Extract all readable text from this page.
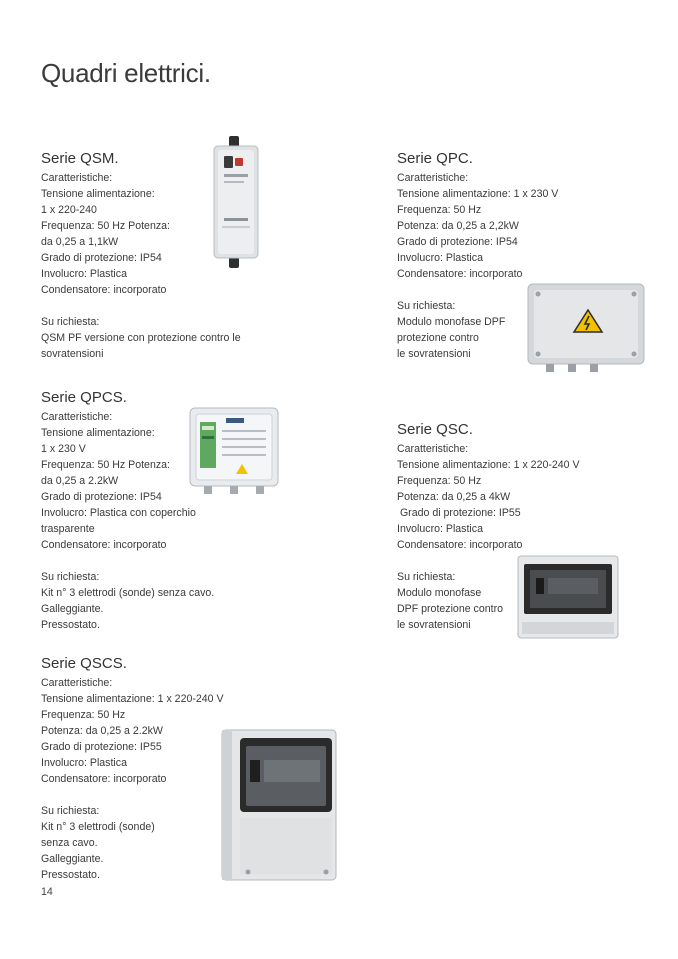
Quadri elettrici.
Serie QSM.
Caratteristiche:
Tensione alimentazione:
1 x 220-240
Frequenza: 50 Hz Potenza:
da 0,25 a 1,1kW
Grado di protezione: IP54
Involucro: Plastica
Condensatore: incorporato
Su richiesta:
QSM PF versione con protezione contro le
sovratensioni
Serie QPC.
Caratteristiche:
Tensione alimentazione: 1 x 230 V
Frequenza: 50 Hz
Potenza: da 0,25 a 2,2kW
Grado di protezione: IP54
Involucro: Plastica
Condensatore: incorporato
Su richiesta:
Modulo monofase DPF
protezione contro
le sovratensioni
Serie QPCS.
Caratteristiche:
Tensione alimentazione:
1 x 230 V
Frequenza: 50 Hz Potenza:
da 0,25 a 2.2kW
Grado di protezione: IP54
Involucro: Plastica con coperchio
trasparente
Condensatore: incorporato
Su richiesta:
Kit n° 3 elettrodi (sonde) senza cavo.
Galleggiante.
Pressostato.
Serie QSC.
Caratteristiche:
Tensione alimentazione: 1 x 220-240 V
Frequenza: 50 Hz
Potenza: da 0,25 a 4kW
Grado di protezione: IP55
Involucro: Plastica
Condensatore: incorporato
Su richiesta:
Modulo monofase
DPF protezione contro
le sovratensioni
Serie QSCS.
Caratteristiche:
Tensione alimentazione: 1 x 220-240 V
Frequenza: 50 Hz
Potenza: da 0,25 a 2.2kW
Grado di protezione: IP55
Involucro: Plastica
Condensatore: incorporato
Su richiesta:
Kit n° 3 elettrodi (sonde)
senza cavo.
Galleggiante.
Pressostato.
14
